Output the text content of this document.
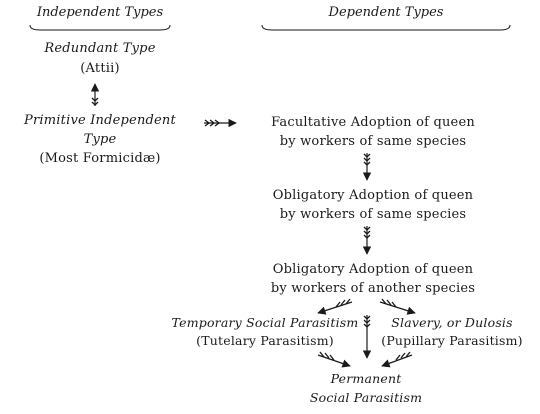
Independent Types	Dependent Types
Redundant Type
(Attii)
Primitive Independent
Type
(Most Formicidæ)
Facultative Adoption of queen
by workers of same species
Obligatory Adoption of queen
by workers of same species
Obligatory Adoption of queen
by workers of another species
Temporary Social Parasitism
(Tutelary Parasitism)
Slavery, or Dulosis
(Pupillary Parasitism)
Permanent
Social Parasitism
